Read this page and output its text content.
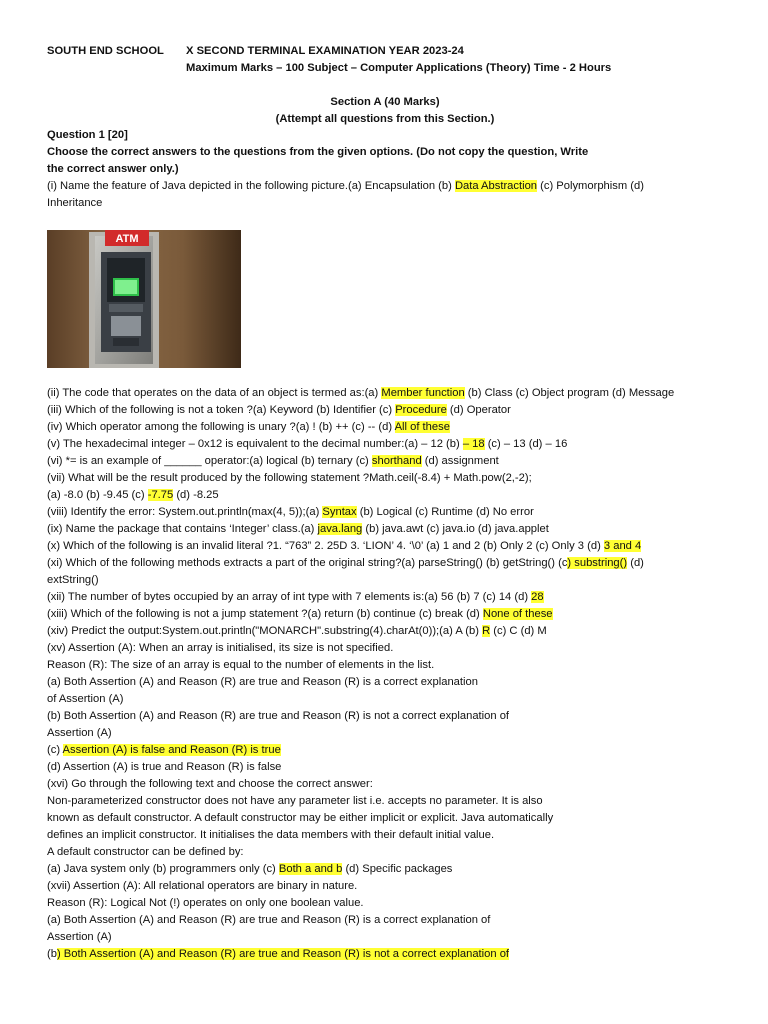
SOUTH END SCHOOL X SECOND TERMINAL EXAMINATION YEAR 2023-24
Maximum Marks – 100 Subject – Computer Applications (Theory) Time - 2 Hours
Section A (40 Marks)
(Attempt all questions from this Section.)
Question 1 [20]
Choose the correct answers to the questions from the given options. (Do not copy the question, Write
the correct answer only.)
(i) Name the feature of Java depicted in the following picture.(a) Encapsulation (b) Data Abstraction (c) Polymorphism (d)
Inheritance
ATM
(ii) The code that operates on the data of an object is termed as:(a) Member function (b) Class (c) Object program (d) Message
(iii) Which of the following is not a token ?(a) Keyword (b) Identifier (c) Procedure (d) Operator
(iv) Which operator among the following is unary ?(a) ! (b) ++ (c) -- (d) All of these
(v) The hexadecimal integer – 0x12 is equivalent to the decimal number:(a) – 12 (b) – 18 (c) – 13 (d) – 16
(vi) *= is an example of ______ operator:(a) logical (b) ternary (c) shorthand (d) assignment
(vii) What will be the result produced by the following statement ?Math.ceil(-8.4) + Math.pow(2,-2);
(a) -8.0 (b) -9.45 (c) -7.75 (d) -8.25
(viii) Identify the error: System.out.println(max(4, 5));(a) Syntax (b) Logical (c) Runtime (d) No error
(ix) Name the package that contains ‘Integer’ class.(a) java.lang (b) java.awt (c) java.io (d) java.applet
(x) Which of the following is an invalid literal ?1. “763” 2. 25D 3. ‘LION’ 4. ‘\0’ (a) 1 and 2 (b) Only 2 (c) Only 3 (d) 3 and 4
(xi) Which of the following methods extracts a part of the original string?(a) parseString() (b) getString() (c) substring() (d)
extString()
(xii) The number of bytes occupied by an array of int type with 7 elements is:(a) 56 (b) 7 (c) 14 (d) 28
(xiii) Which of the following is not a jump statement ?(a) return (b) continue (c) break (d) None of these
(xiv) Predict the output:System.out.println("MONARCH".substring(4).charAt(0));(a) A (b) R (c) C (d) M
(xv) Assertion (A): When an array is initialised, its size is not specified.
Reason (R): The size of an array is equal to the number of elements in the list.
(a) Both Assertion (A) and Reason (R) are true and Reason (R) is a correct explanation
of Assertion (A)
(b) Both Assertion (A) and Reason (R) are true and Reason (R) is not a correct explanation of
Assertion (A)
(c) Assertion (A) is false and Reason (R) is true
(d) Assertion (A) is true and Reason (R) is false
(xvi) Go through the following text and choose the correct answer:
Non-parameterized constructor does not have any parameter list i.e. accepts no parameter. It is also
known as default constructor. A default constructor may be either implicit or explicit. Java automatically
defines an implicit constructor. It initialises the data members with their default initial value.
A default constructor can be defined by:
(a) Java system only (b) programmers only (c) Both a and b (d) Specific packages
(xvii) Assertion (A): All relational operators are binary in nature.
Reason (R): Logical Not (!) operates on only one boolean value.
(a) Both Assertion (A) and Reason (R) are true and Reason (R) is a correct explanation of
Assertion (A)
(b) Both Assertion (A) and Reason (R) are true and Reason (R) is not a correct explanation of
